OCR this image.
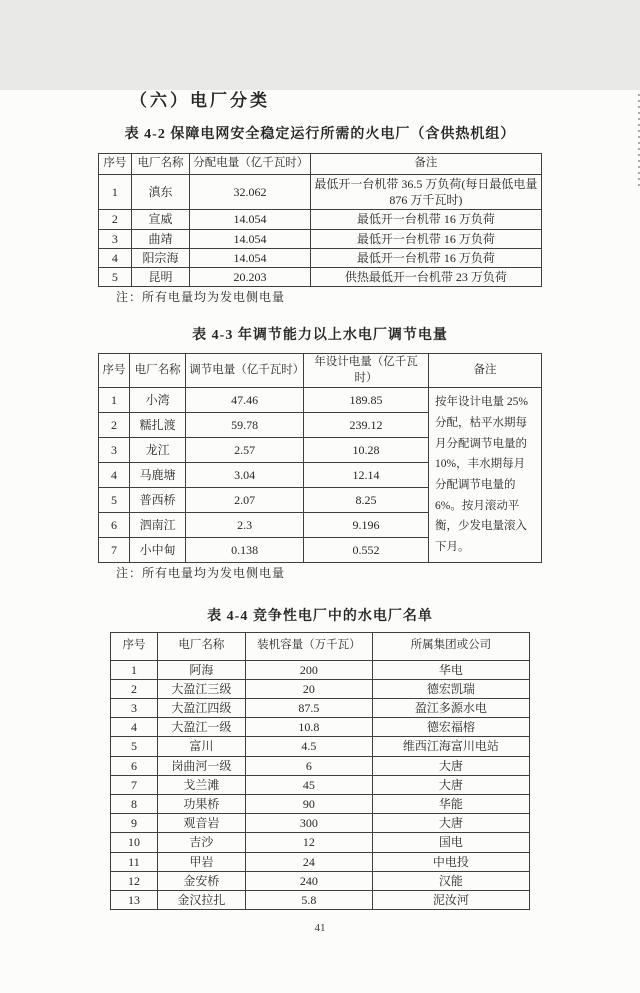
（六）电厂分类
表 4-2 保障电网安全稳定运行所需的火电厂（含供热机组）
序号	电厂名称	分配电量（亿千瓦时）	备注
1	滇东	32.062	最低开一台机带 36.5 万负荷(每日最低电量 876 万千瓦时)
2	宣威	14.054	最低开一台机带 16 万负荷
3	曲靖	14.054	最低开一台机带 16 万负荷
4	阳宗海	14.054	最低开一台机带 16 万负荷
5	昆明	20.203	供热最低开一台机带 23 万负荷
注：所有电量均为发电侧电量
表 4-3 年调节能力以上水电厂调节电量
序号	电厂名称	调节电量（亿千瓦时）	年设计电量（亿千瓦时）	备注
1	小湾	47.46	189.85	按年设计电量 25%分配，枯平水期每月分配调节电量的 10%，丰水期每月分配调节电量的 6%。按月滚动平衡，少发电量滚入下月。
2	糯扎渡	59.78	239.12	
3	龙江	2.57	10.28	
4	马鹿塘	3.04	12.14	
5	普西桥	2.07	8.25	
6	泗南江	2.3	9.196	
7	小中甸	0.138	0.552	
注：所有电量均为发电侧电量
表 4-4 竞争性电厂中的水电厂名单
序号	电厂名称	装机容量（万千瓦）	所属集团或公司
1	阿海	200	华电
2	大盈江三级	20	德宏凯瑞
3	大盈江四级	87.5	盈江多源水电
4	大盈江一级	10.8	德宏福榕
5	富川	4.5	维西江海富川电站
6	岗曲河一级	6	大唐
7	戈兰滩	45	大唐
8	功果桥	90	华能
9	观音岩	300	大唐
10	吉沙	12	国电
11	甲岩	24	中电投
12	金安桥	240	汉能
13	金汉拉扎	5.8	泥汝河
41
